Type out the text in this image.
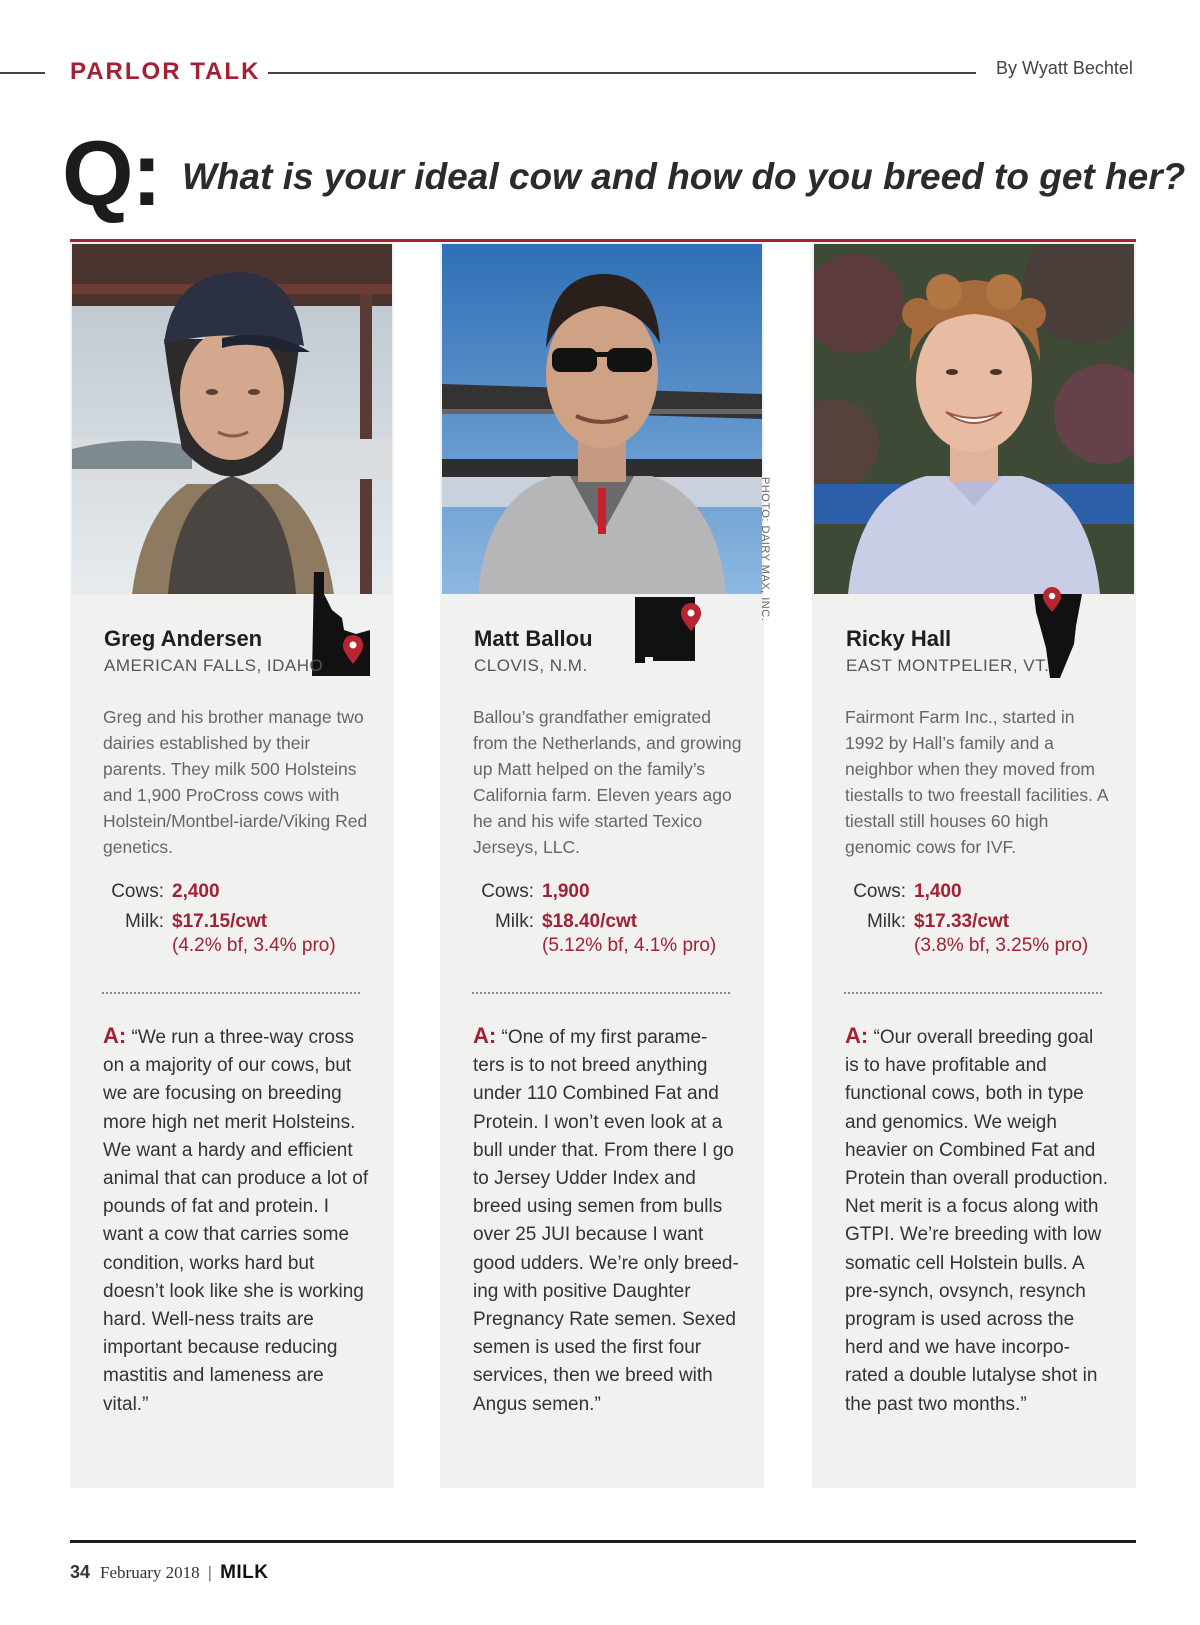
PARLOR TALK	By Wyatt Bechtel
Q: What is your ideal cow and how do you breed to get her?
Greg Andersen
AMERICAN FALLS, IDAHO
Greg and his brother manage two dairies established by their parents. They milk 500 Holsteins and 1,900 ProCross cows with Holstein/Montbel-iarde/Viking Red genetics.
Cows: 2,400
Milk: $17.15/cwt
(4.2% bf, 3.4% pro)
A: “We run a three-way cross on a majority of our cows, but we are focusing on breeding more high net merit Holsteins. We want a hardy and efficient animal that can produce a lot of pounds of fat and protein. I want a cow that carries some condition, works hard but doesn’t look like she is working hard. Well-ness traits are important because reducing mastitis and lameness are vital.”
Matt Ballou
CLOVIS, N.M.
Ballou’s grandfather emigrated from the Netherlands, and growing up Matt helped on the family’s California farm. Eleven years ago he and his wife started Texico Jerseys, LLC.
Cows: 1,900
Milk: $18.40/cwt
(5.12% bf, 4.1% pro)
A: “One of my first parame-ters is to not breed anything under 110 Combined Fat and Protein. I won’t even look at a bull under that. From there I go to Jersey Udder Index and breed using semen from bulls over 25 JUI because I want good udders. We’re only breed-ing with positive Daughter Pregnancy Rate semen. Sexed semen is used the first four services, then we breed with Angus semen.”
PHOTO: DAIRY MAX, INC.
Ricky Hall
EAST MONTPELIER, VT.
Fairmont Farm Inc., started in 1992 by Hall’s family and a neighbor when they moved from tiestalls to two freestall facilities. A tiestall still houses 60 high genomic cows for IVF.
Cows: 1,400
Milk: $17.33/cwt
(3.8% bf, 3.25% pro)
A: “Our overall breeding goal is to have profitable and functional cows, both in type and genomics. We weigh heavier on Combined Fat and Protein than overall production. Net merit is a focus along with GTPI. We’re breeding with low somatic cell Holstein bulls. A pre-synch, ovsynch, resynch program is used across the herd and we have incorpo-rated a double lutalyse shot in the past two months.”
34 February 2018 | MILK
